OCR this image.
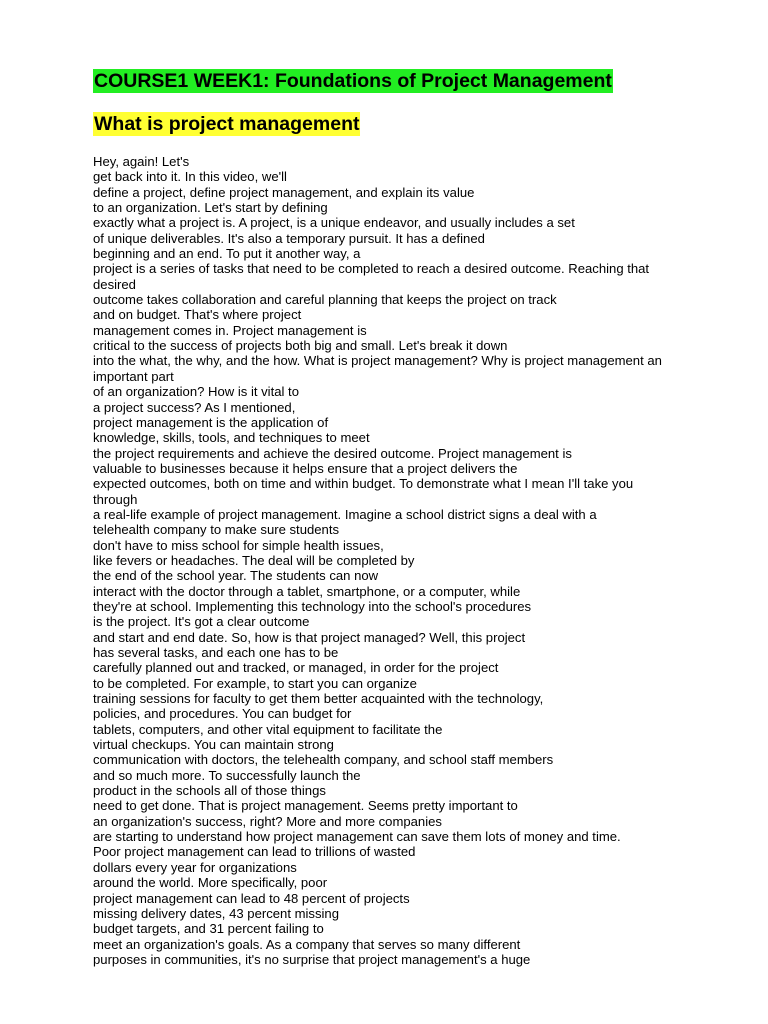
COURSE1 WEEK1: Foundations of Project Management
What is project management
Hey, again! Let's
get back into it. In this video, we'll
define a project, define project management, and explain its value
to an organization. Let's start by defining
exactly what a project is. A project, is a unique endeavor, and usually includes a set
of unique deliverables. It's also a temporary pursuit. It has a defined
beginning and an end. To put it another way, a
project is a series of tasks that need to be completed to reach a desired outcome. Reaching that desired
outcome takes collaboration and careful planning that keeps the project on track
and on budget. That's where project
management comes in. Project management is
critical to the success of projects both big and small. Let's break it down
into the what, the why, and the how. What is project management? Why is project management an important part
of an organization? How is it vital to
a project success? As I mentioned,
project management is the application of
knowledge, skills, tools, and techniques to meet
the project requirements and achieve the desired outcome. Project management is
valuable to businesses because it helps ensure that a project delivers the
expected outcomes, both on time and within budget. To demonstrate what I mean I'll take you through
a real-life example of project management. Imagine a school district signs a deal with a
telehealth company to make sure students
don't have to miss school for simple health issues,
like fevers or headaches. The deal will be completed by
the end of the school year. The students can now
interact with the doctor through a tablet, smartphone, or a computer, while
they're at school. Implementing this technology into the school's procedures
is the project. It's got a clear outcome
and start and end date. So, how is that project managed? Well, this project
has several tasks, and each one has to be
carefully planned out and tracked, or managed, in order for the project
to be completed. For example, to start you can organize
training sessions for faculty to get them better acquainted with the technology,
policies, and procedures. You can budget for
tablets, computers, and other vital equipment to facilitate the
virtual checkups. You can maintain strong
communication with doctors, the telehealth company, and school staff members
and so much more. To successfully launch the
product in the schools all of those things
need to get done. That is project management. Seems pretty important to
an organization's success, right? More and more companies
are starting to understand how project management can save them lots of money and time.
Poor project management can lead to trillions of wasted
dollars every year for organizations
around the world. More specifically, poor
project management can lead to 48 percent of projects
missing delivery dates, 43 percent missing
budget targets, and 31 percent failing to
meet an organization's goals. As a company that serves so many different
purposes in communities, it's no surprise that project management's a huge
